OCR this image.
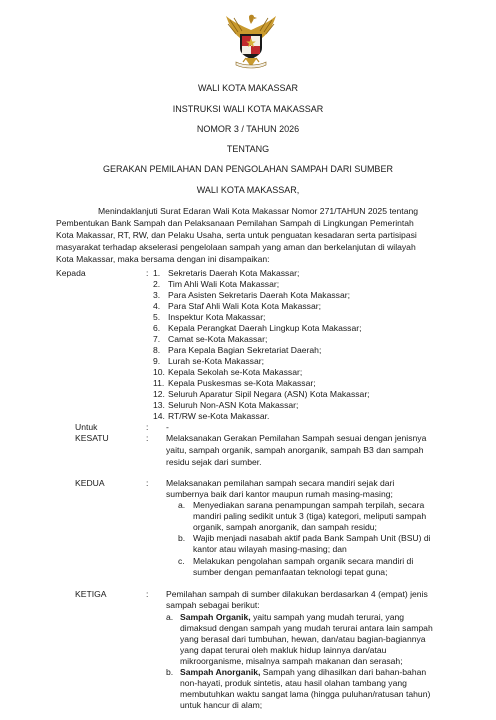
WALI KOTA MAKASSAR
INSTRUKSI WALI KOTA MAKASSAR
NOMOR 3 / TAHUN 2026
TENTANG
GERAKAN PEMILAHAN DAN PENGOLAHAN SAMPAH DARI SUMBER
WALI KOTA MAKASSAR,
Menindaklanjuti Surat Edaran Wali Kota Makassar Nomor 271/TAHUN 2025 tentang
Pembentukan Bank Sampah dan Pelaksanaan Pemilahan Sampah di Lingkungan Pemerintah
Kota Makassar, RT, RW, dan Pelaku Usaha, serta untuk penguatan kesadaran serta partisipasi
masyarakat terhadap akselerasi pengelolaan sampah yang aman dan berkelanjutan di wilayah
Kota Makassar, maka bersama dengan ini disampaikan:
Kepada	: 1. Sekretaris Daerah Kota Makassar;
2. Tim Ahli Wali Kota Makassar;
3. Para Asisten Sekretaris Daerah Kota Makassar;
4. Para Staf Ahli Wali Kota Kota Makassar;
5. Inspektur Kota Makassar;
6. Kepala Perangkat Daerah Lingkup Kota Makassar;
7. Camat se-Kota Makassar;
8. Para Kepala Bagian Sekretariat Daerah;
9. Lurah se-Kota Makassar;
10. Kepala Sekolah se-Kota Makassar;
11. Kepala Puskesmas se-Kota Makassar;
12. Seluruh Aparatur Sipil Negara (ASN) Kota Makassar;
13. Seluruh Non-ASN Kota Makassar;
14. RT/RW se-Kota Makassar.
Untuk	: -
KESATU	: Melaksanakan Gerakan Pemilahan Sampah sesuai dengan jenisnya
yaitu, sampah organik, sampah anorganik, sampah B3 dan sampah
residu sejak dari sumber.
KEDUA	: Melaksanakan pemilahan sampah secara mandiri sejak dari
sumbernya baik dari kantor maupun rumah masing-masing;
a. Menyediakan sarana penampungan sampah terpilah, secara
mandiri paling sedikit untuk 3 (tiga) kategori, meliputi sampah
organik, sampah anorganik, dan sampah residu;
b. Wajib menjadi nasabah aktif pada Bank Sampah Unit (BSU) di
kantor atau wilayah masing-masing; dan
c. Melakukan pengolahan sampah organik secara mandiri di
sumber dengan pemanfaatan teknologi tepat guna;
KETIGA	: Pemilahan sampah di sumber dilakukan berdasarkan 4 (empat) jenis
sampah sebagai berikut:
a. Sampah Organik, yaitu sampah yang mudah terurai, yang
dimaksud dengan sampah yang mudah terurai antara lain sampah
yang berasal dari tumbuhan, hewan, dan/atau bagian-bagiannya
yang dapat terurai oleh makluk hidup lainnya dan/atau
mikroorganisme, misalnya sampah makanan dan serasah;
b. Sampah Anorganik, Sampah yang dihasilkan dari bahan-bahan
non-hayati, produk sintetis, atau hasil olahan tambang yang
membutuhkan waktu sangat lama (hingga puluhan/ratusan tahun)
untuk hancur di alam;
